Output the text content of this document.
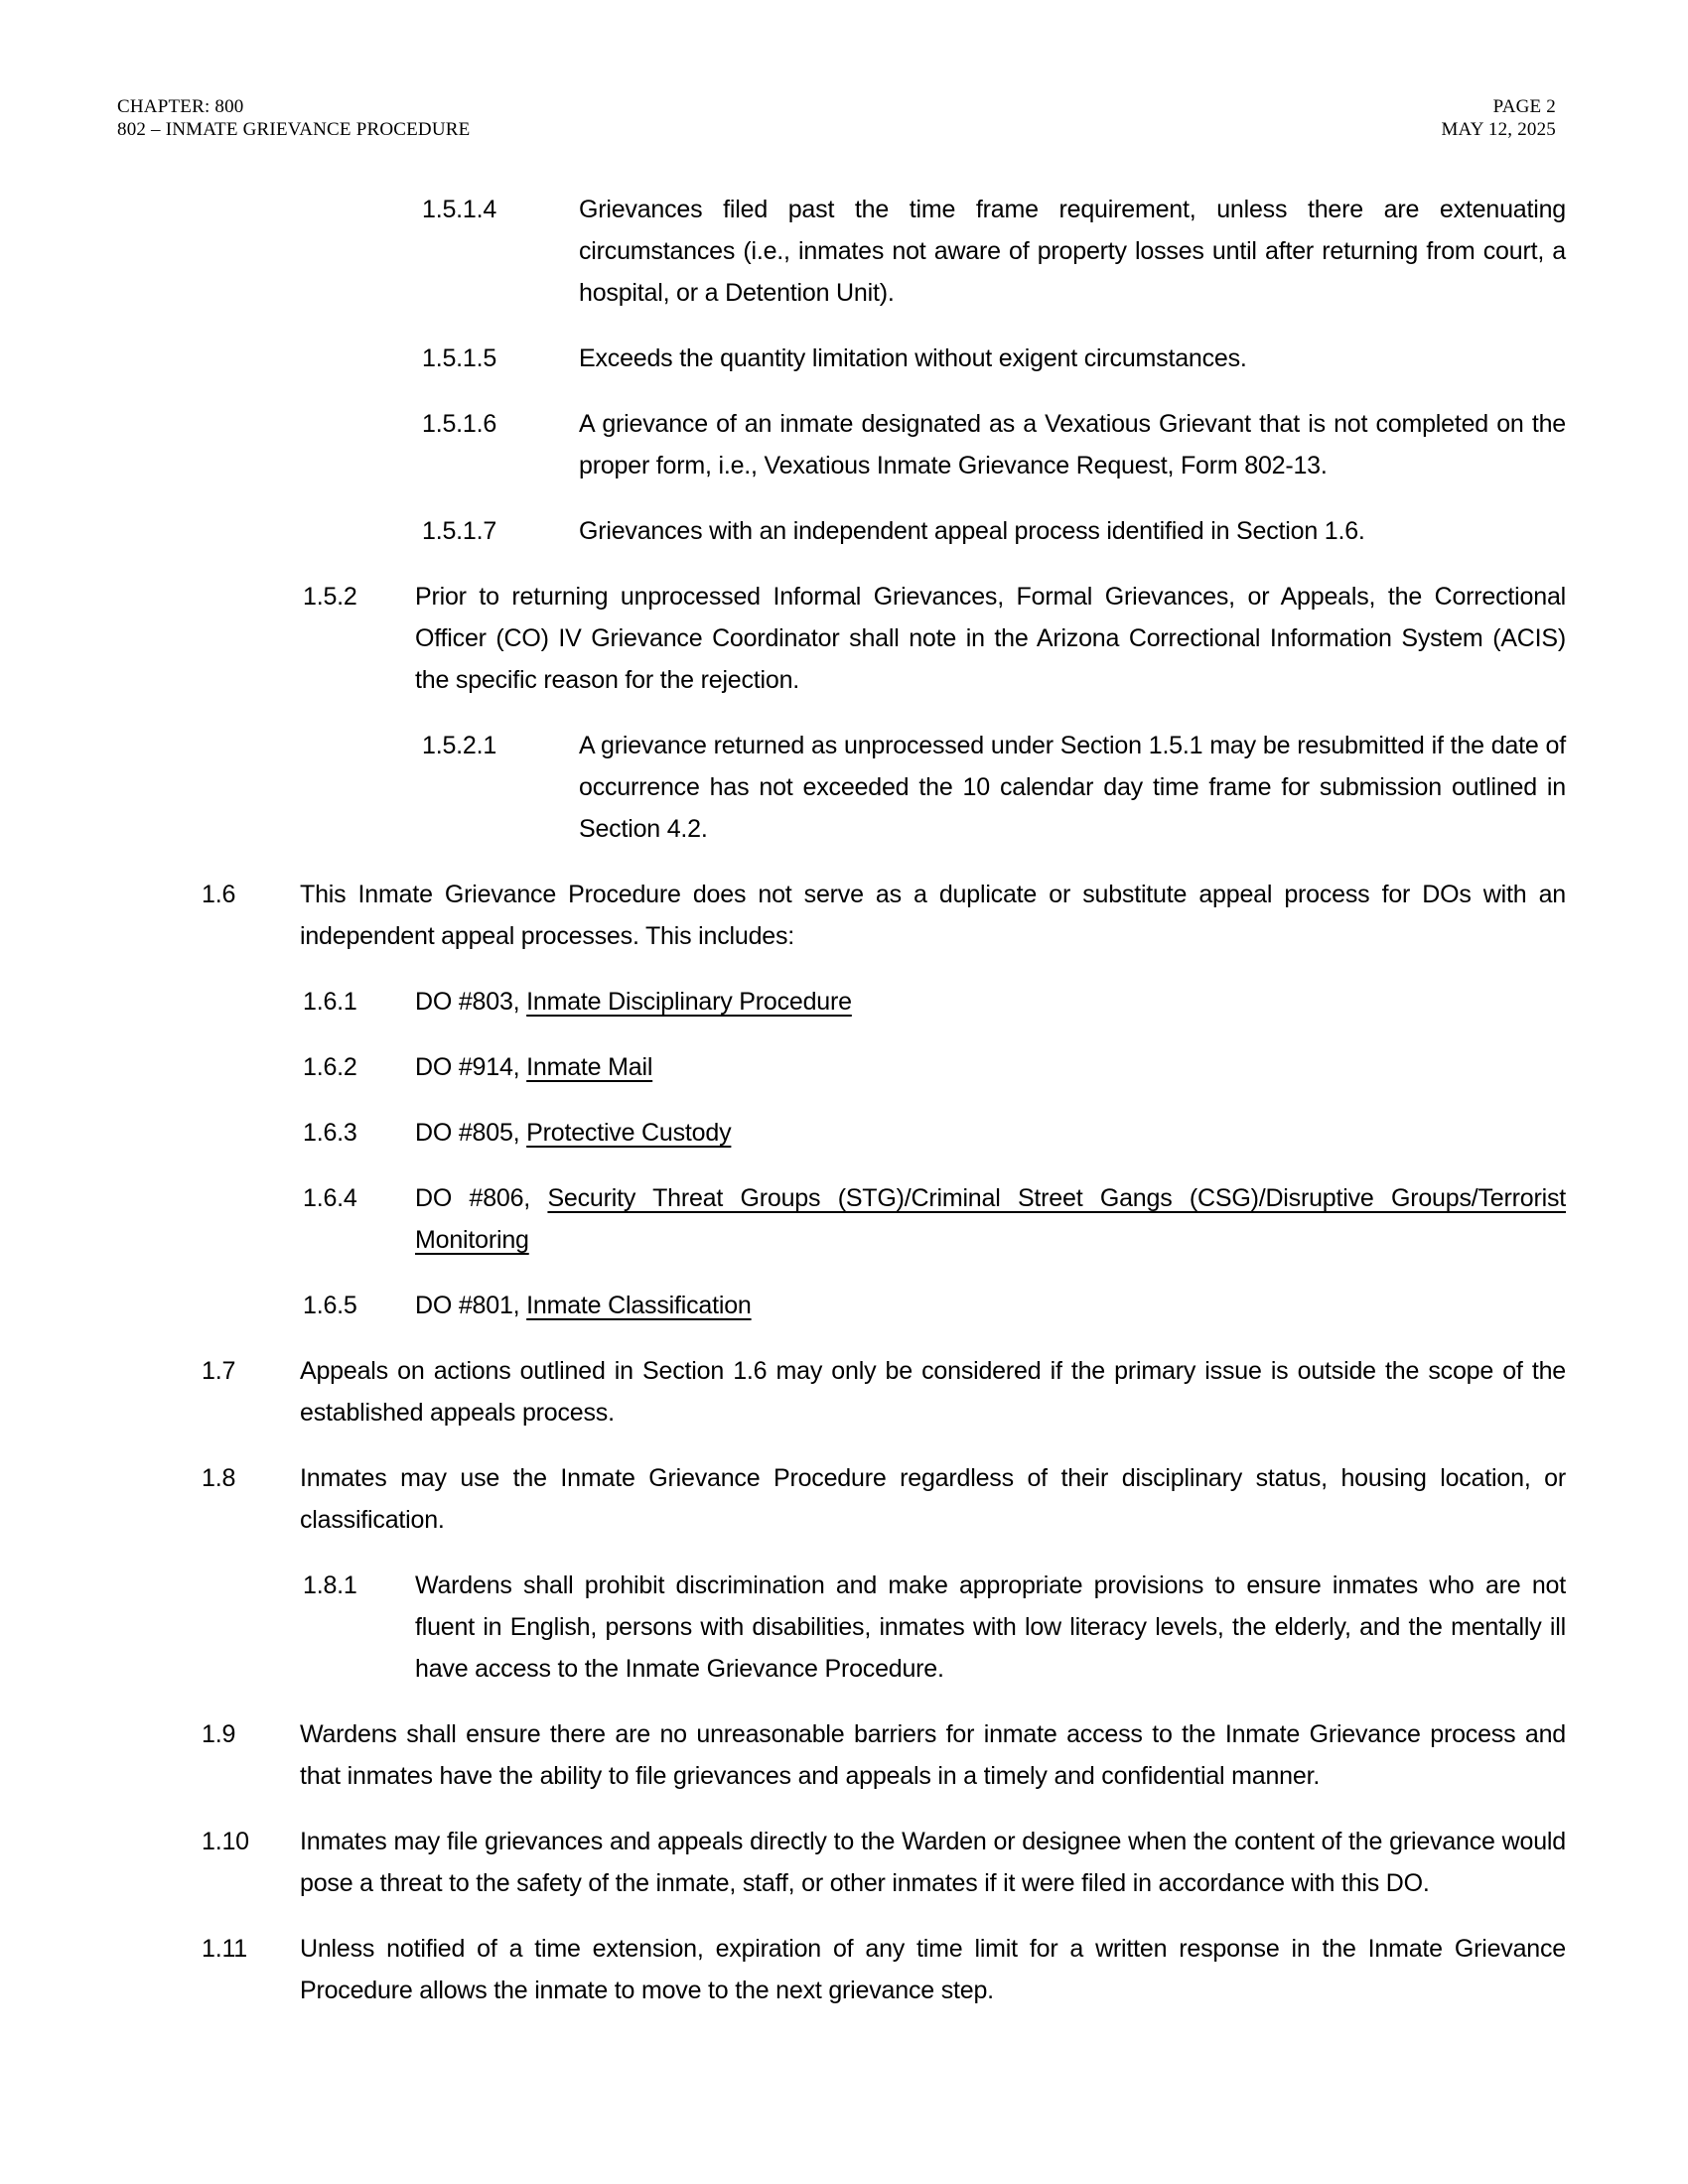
CHAPTER: 800
802 – INMATE GRIEVANCE PROCEDURE
PAGE 2
MAY 12, 2025
1.5.1.4	Grievances filed past the time frame requirement, unless there are extenuating circumstances (i.e., inmates not aware of property losses until after returning from court, a hospital, or a Detention Unit).
1.5.1.5	Exceeds the quantity limitation without exigent circumstances.
1.5.1.6	A grievance of an inmate designated as a Vexatious Grievant that is not completed on the proper form, i.e., Vexatious Inmate Grievance Request, Form 802-13.
1.5.1.7	Grievances with an independent appeal process identified in Section 1.6.
1.5.2	Prior to returning unprocessed Informal Grievances, Formal Grievances, or Appeals, the Correctional Officer (CO) IV Grievance Coordinator shall note in the Arizona Correctional Information System (ACIS) the specific reason for the rejection.
1.5.2.1	A grievance returned as unprocessed under Section 1.5.1 may be resubmitted if the date of occurrence has not exceeded the 10 calendar day time frame for submission outlined in Section 4.2.
1.6	This Inmate Grievance Procedure does not serve as a duplicate or substitute appeal process for DOs with an independent appeal processes. This includes:
1.6.1	DO #803, Inmate Disciplinary Procedure
1.6.2	DO #914, Inmate Mail
1.6.3	DO #805, Protective Custody
1.6.4	DO #806, Security Threat Groups (STG)/Criminal Street Gangs (CSG)/Disruptive Groups/Terrorist Monitoring
1.6.5	DO #801, Inmate Classification
1.7	Appeals on actions outlined in Section 1.6 may only be considered if the primary issue is outside the scope of the established appeals process.
1.8	Inmates may use the Inmate Grievance Procedure regardless of their disciplinary status, housing location, or classification.
1.8.1	Wardens shall prohibit discrimination and make appropriate provisions to ensure inmates who are not fluent in English, persons with disabilities, inmates with low literacy levels, the elderly, and the mentally ill have access to the Inmate Grievance Procedure.
1.9	Wardens shall ensure there are no unreasonable barriers for inmate access to the Inmate Grievance process and that inmates have the ability to file grievances and appeals in a timely and confidential manner.
1.10	Inmates may file grievances and appeals directly to the Warden or designee when the content of the grievance would pose a threat to the safety of the inmate, staff, or other inmates if it were filed in accordance with this DO.
1.11	Unless notified of a time extension, expiration of any time limit for a written response in the Inmate Grievance Procedure allows the inmate to move to the next grievance step.
